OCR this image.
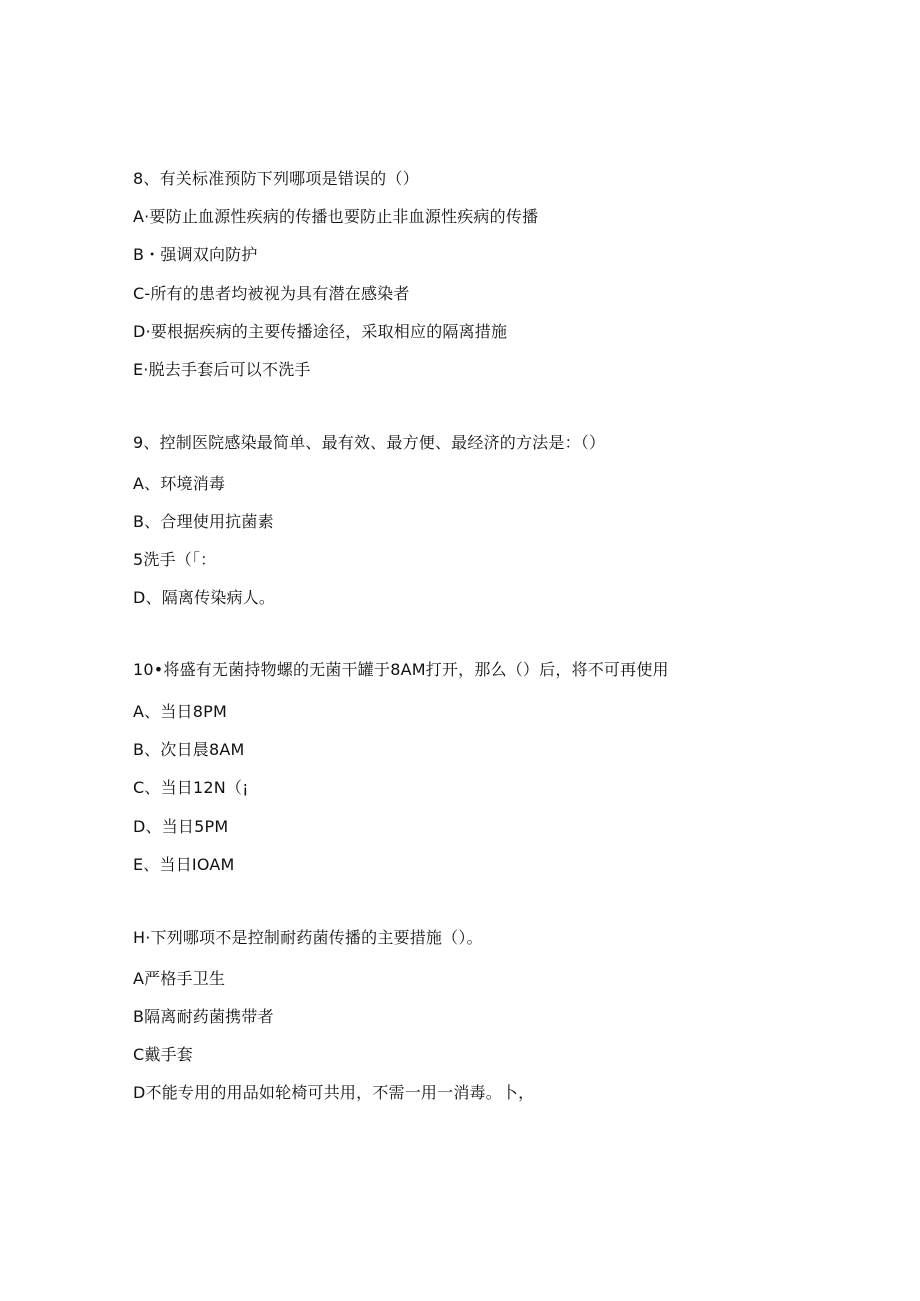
8、有关标准预防下列哪项是错误的（）
A·要防止血源性疾病的传播也要防止非血源性疾病的传播
B・强调双向防护
C-所有的患者均被视为具有潜在感染者
D·要根据疾病的主要传播途径，采取相应的隔离措施
E·脱去手套后可以不洗手
9、控制医院感染最简单、最有效、最方便、最经济的方法是：（）
A、环境消毒
B、合理使用抗菌素
5洗手（「：
D、隔离传染病人。
10•将盛有无菌持物螺的无菌干罐于8AM打开，那么（）后，将不可再使用
A、当日8PM
B、次日晨8AM
C、当日12N（¡
D、当日5PM
E、当日IOAM
H·下列哪项不是控制耐药菌传播的主要措施（）。
A严格手卫生
B隔离耐药菌携带者
C戴手套
D不能专用的用品如轮椅可共用，不需一用一消毒。卜，
